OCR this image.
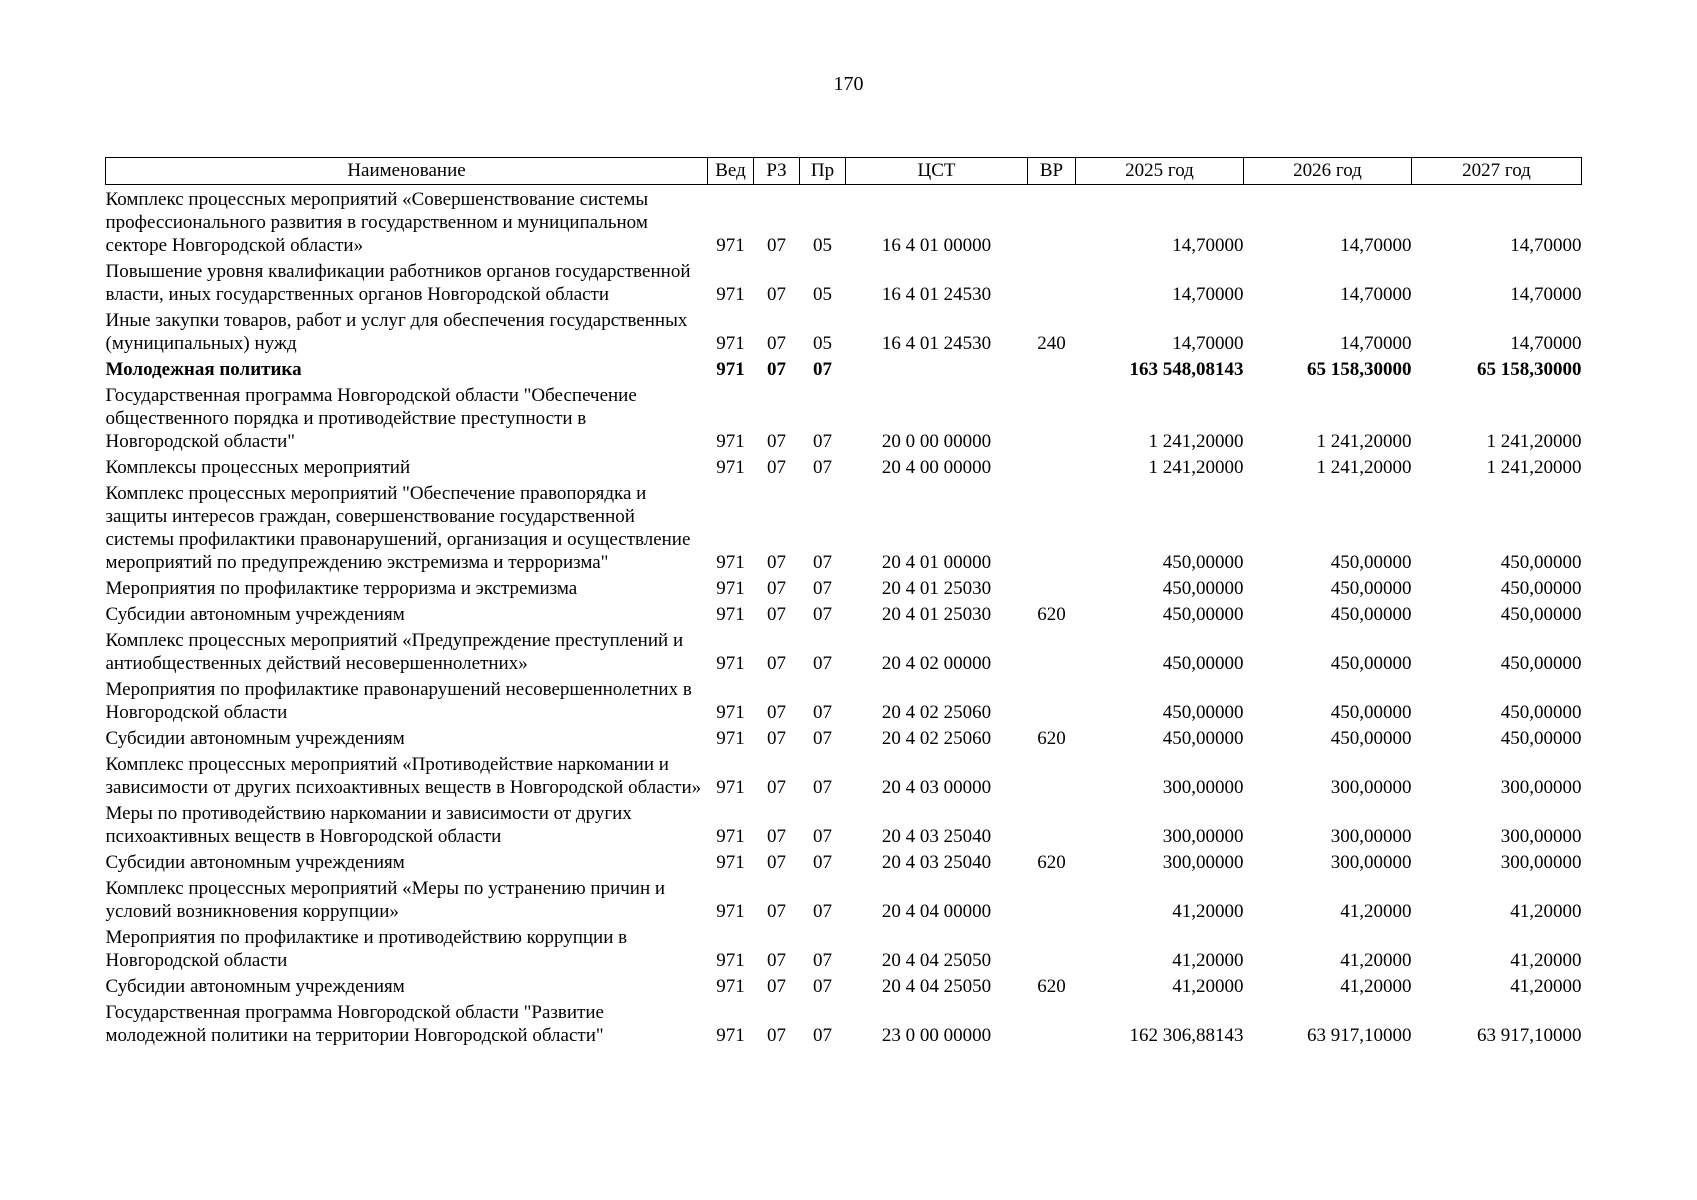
170
Наименование	Вед	РЗ	Пр	ЦСТ	ВР	2025 год	2026 год	2027 год
Комплекс процессных мероприятий «Совершенствование системы профессионального развития в государственном и муниципальном секторе Новгородской области»	971	07	05	16 4 01 00000		14,70000	14,70000	14,70000
Повышение уровня квалификации работников органов государственной власти, иных государственных органов Новгородской области	971	07	05	16 4 01 24530		14,70000	14,70000	14,70000
Иные закупки товаров, работ и услуг для обеспечения государственных (муниципальных) нужд	971	07	05	16 4 01 24530	240	14,70000	14,70000	14,70000
Молодежная политика	971	07	07			163 548,08143	65 158,30000	65 158,30000
Государственная программа Новгородской области "Обеспечение общественного порядка и противодействие преступности в Новгородской области"	971	07	07	20 0 00 00000		1 241,20000	1 241,20000	1 241,20000
Комплексы процессных мероприятий	971	07	07	20 4 00 00000		1 241,20000	1 241,20000	1 241,20000
Комплекс процессных мероприятий "Обеспечение правопорядка и защиты интересов граждан, совершенствование государственной системы профилактики правонарушений, организация и осуществление мероприятий по предупреждению экстремизма и терроризма"	971	07	07	20 4 01 00000		450,00000	450,00000	450,00000
Мероприятия по профилактике терроризма и экстремизма	971	07	07	20 4 01 25030		450,00000	450,00000	450,00000
Субсидии автономным учреждениям	971	07	07	20 4 01 25030	620	450,00000	450,00000	450,00000
Комплекс процессных мероприятий «Предупреждение преступлений и антиобщественных действий несовершеннолетних»	971	07	07	20 4 02 00000		450,00000	450,00000	450,00000
Мероприятия по профилактике правонарушений несовершеннолетних в Новгородской области	971	07	07	20 4 02 25060		450,00000	450,00000	450,00000
Субсидии автономным учреждениям	971	07	07	20 4 02 25060	620	450,00000	450,00000	450,00000
Комплекс процессных мероприятий «Противодействие наркомании и зависимости от других психоактивных веществ в Новгородской области»	971	07	07	20 4 03 00000		300,00000	300,00000	300,00000
Меры по противодействию наркомании и зависимости от других психоактивных веществ в Новгородской области	971	07	07	20 4 03 25040		300,00000	300,00000	300,00000
Субсидии автономным учреждениям	971	07	07	20 4 03 25040	620	300,00000	300,00000	300,00000
Комплекс процессных мероприятий «Меры по устранению причин и условий возникновения коррупции»	971	07	07	20 4 04 00000		41,20000	41,20000	41,20000
Мероприятия по профилактике и противодействию коррупции в Новгородской области	971	07	07	20 4 04 25050		41,20000	41,20000	41,20000
Субсидии автономным учреждениям	971	07	07	20 4 04 25050	620	41,20000	41,20000	41,20000
Государственная программа Новгородской области "Развитие молодежной политики на территории Новгородской области"	971	07	07	23 0 00 00000		162 306,88143	63 917,10000	63 917,10000
